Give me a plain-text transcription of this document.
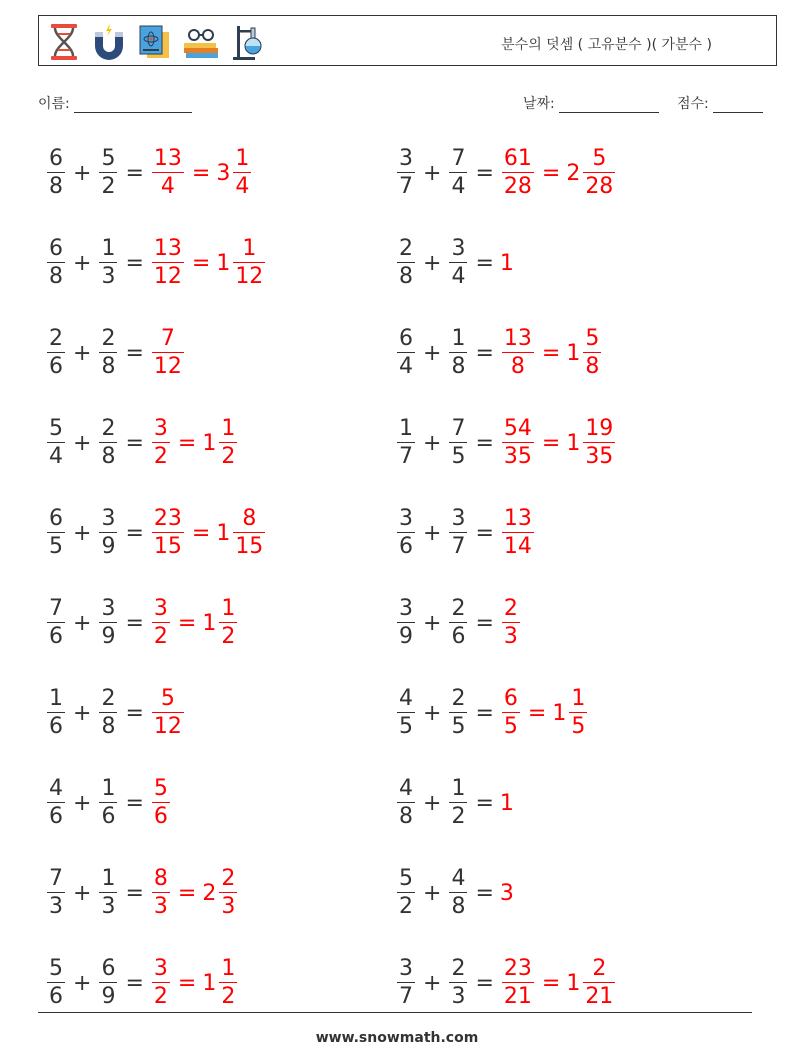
분수의 덧셈 ( 고유분수 )( 가분수 )
이름:	날짜:	점수:
$\frac{6}{8} + \frac{5}{2} = \frac{13}{4} = 3 \frac{1}{4}$	$\frac{3}{7} + \frac{7}{4} = \frac{61}{28} = 2 \frac{5}{28}$
$\frac{6}{8} + \frac{1}{3} = \frac{13}{12} = 1 \frac{1}{12}$	$\frac{2}{8} + \frac{3}{4} = 1$
$\frac{2}{6} + \frac{2}{8} = \frac{7}{12}$	$\frac{6}{4} + \frac{1}{8} = \frac{13}{8} = 1 \frac{5}{8}$
$\frac{5}{4} + \frac{2}{8} = \frac{3}{2} = 1 \frac{1}{2}$	$\frac{1}{7} + \frac{7}{5} = \frac{54}{35} = 1 \frac{19}{35}$
$\frac{6}{5} + \frac{3}{9} = \frac{23}{15} = 1 \frac{8}{15}$	$\frac{3}{6} + \frac{3}{7} = \frac{13}{14}$
$\frac{7}{6} + \frac{3}{9} = \frac{3}{2} = 1 \frac{1}{2}$	$\frac{3}{9} + \frac{2}{6} = \frac{2}{3}$
$\frac{1}{6} + \frac{2}{8} = \frac{5}{12}$	$\frac{4}{5} + \frac{2}{5} = \frac{6}{5} = 1 \frac{1}{5}$
$\frac{4}{6} + \frac{1}{6} = \frac{5}{6}$	$\frac{4}{8} + \frac{1}{2} = 1$
$\frac{7}{3} + \frac{1}{3} = \frac{8}{3} = 2 \frac{2}{3}$	$\frac{5}{2} + \frac{4}{8} = 3$
$\frac{5}{6} + \frac{6}{9} = \frac{3}{2} = 1 \frac{1}{2}$	$\frac{3}{7} + \frac{2}{3} = \frac{23}{21} = 1 \frac{2}{21}$
www.snowmath.com
